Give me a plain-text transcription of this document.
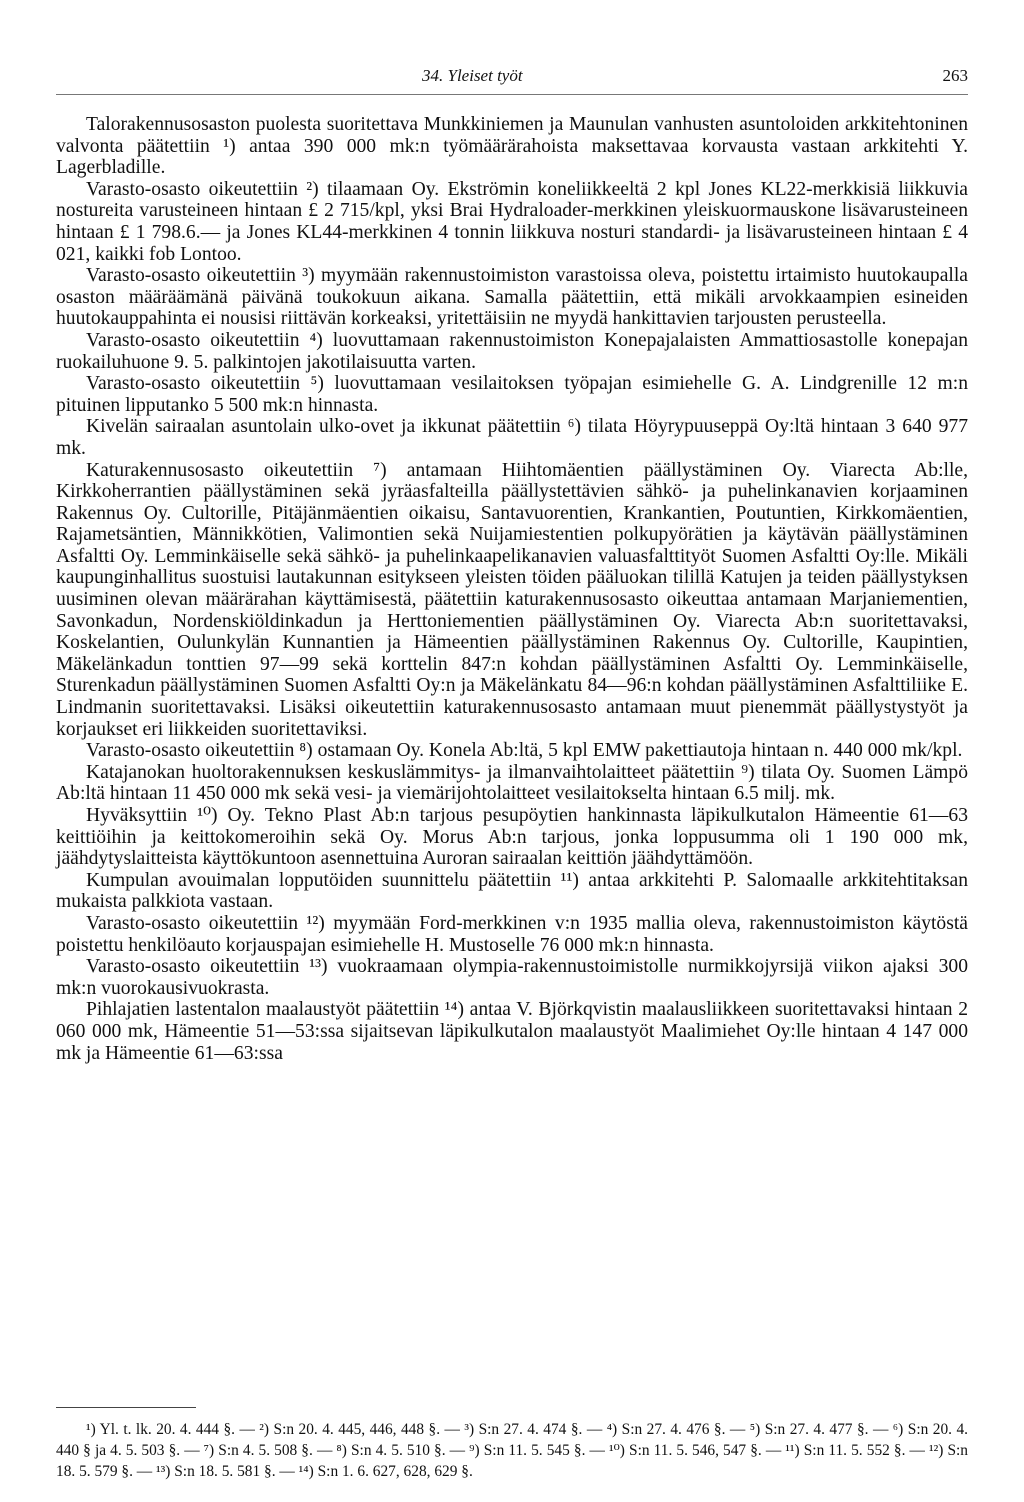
34. Yleiset työt	263

Talorakennusosaston puolesta suoritettava Munkkiniemen ja Maunulan vanhusten asuntoloiden arkkitehtoninen valvonta päätettiin ¹) antaa 390 000 mk:n työmäärärahoista maksettavaa korvausta vastaan arkkitehti Y. Lagerbladille.

Varasto-osasto oikeutettiin ²) tilaamaan Oy. Ekströmin koneliikkeeltä 2 kpl Jones KL22-merkkisiä liikkuvia nostureita varusteineen hintaan £ 2 715/kpl, yksi Brai Hydraloader-merkkinen yleiskuormauskone lisävarusteineen hintaan £ 1 798.6.— ja Jones KL44-merkkinen 4 tonnin liikkuva nosturi standardi- ja lisävarusteineen hintaan £ 4 021, kaikki fob Lontoo.

Varasto-osasto oikeutettiin ³) myymään rakennustoimiston varastoissa oleva, poistettu irtaimisto huutokaupalla osaston määräämänä päivänä toukokuun aikana. Samalla päätettiin, että mikäli arvokkaampien esineiden huutokauppahinta ei nousisi riittävän korkeaksi, yritettäisiin ne myydä hankittavien tarjousten perusteella.

Varasto-osasto oikeutettiin ⁴) luovuttamaan rakennustoimiston Konepajalaisten Ammattiosastolle konepajan ruokailuhuone 9. 5. palkintojen jakotilaisuutta varten.

Varasto-osasto oikeutettiin ⁵) luovuttamaan vesilaitoksen työpajan esimiehelle G. A. Lindgrenille 12 m:n pituinen lipputanko 5 500 mk:n hinnasta.

Kivelän sairaalan asuntolain ulko-ovet ja ikkunat päätettiin ⁶) tilata Höyrypuuseppä Oy:ltä hintaan 3 640 977 mk.

Katurakennusosasto oikeutettiin ⁷) antamaan Hiihtomäentien päällystäminen Oy. Viarecta Ab:lle, Kirkkoherrantien päällystäminen sekä jyräasfalteilla päällystettävien sähkö- ja puhelinkanavien korjaaminen Rakennus Oy. Cultorille, Pitäjänmäentien oikaisu, Santavuorentien, Krankantien, Poutuntien, Kirkkomäentien, Rajametsäntien, Männikkötien, Valimontien sekä Nuijamiestentien polkupyörätien ja käytävän päällystäminen Asfaltti Oy. Lemminkäiselle sekä sähkö- ja puhelinkaapelikanavien valuasfalttityöt Suomen Asfaltti Oy:lle. Mikäli kaupunginhallitus suostuisi lautakunnan esitykseen yleisten töiden pääluokan tilillä Katujen ja teiden päällystyksen uusiminen olevan määrärahan käyttämisestä, päätettiin katurakennusosasto oikeuttaa antamaan Marjaniementien, Savonkadun, Nordenskiöldinkadun ja Herttoniementien päällystäminen Oy. Viarecta Ab:n suoritettavaksi, Koskelantien, Oulunkylän Kunnantien ja Hämeentien päällystäminen Rakennus Oy. Cultorille, Kaupintien, Mäkelänkadun tonttien 97—99 sekä korttelin 847:n kohdan päällystäminen Asfaltti Oy. Lemminkäiselle, Sturenkadun päällystäminen Suomen Asfaltti Oy:n ja Mäkelänkatu 84—96:n kohdan päällystäminen Asfalttiliike E. Lindmanin suoritettavaksi. Lisäksi oikeutettiin katurakennusosasto antamaan muut pienemmät päällystystyöt ja korjaukset eri liikkeiden suoritettaviksi.

Varasto-osasto oikeutettiin ⁸) ostamaan Oy. Konela Ab:ltä, 5 kpl EMW pakettiautoja hintaan n. 440 000 mk/kpl.

Katajanokan huoltorakennuksen keskuslämmitys- ja ilmanvaihtolaitteet päätettiin ⁹) tilata Oy. Suomen Lämpö Ab:ltä hintaan 11 450 000 mk sekä vesi- ja viemärijohtolaitteet vesilaitokselta hintaan 6.5 milj. mk.

Hyväksyttiin ¹⁰) Oy. Tekno Plast Ab:n tarjous pesupöytien hankinnasta läpikulkutalon Hämeentie 61—63 keittiöihin ja keittokomeroihin sekä Oy. Morus Ab:n tarjous, jonka loppusumma oli 1 190 000 mk, jäähdytyslaitteista käyttökuntoon asennettuina Auroran sairaalan keittiön jäähdyttämöön.

Kumpulan avouimalan lopputöiden suunnittelu päätettiin ¹¹) antaa arkkitehti P. Salomaalle arkkitehtitaksan mukaista palkkiota vastaan.

Varasto-osasto oikeutettiin ¹²) myymään Ford-merkkinen v:n 1935 mallia oleva, rakennustoimiston käytöstä poistettu henkilöauto korjauspajan esimiehelle H. Mustoselle 76 000 mk:n hinnasta.

Varasto-osasto oikeutettiin ¹³) vuokraamaan olympia-rakennustoimistolle nurmikkojyrsijä viikon ajaksi 300 mk:n vuorokausivuokrasta.

Pihlajatien lastentalon maalaustyöt päätettiin ¹⁴) antaa V. Björkqvistin maalausliikkeen suoritettavaksi hintaan 2 060 000 mk, Hämeentie 51—53:ssa sijaitsevan läpikulkutalon maalaustyöt Maalimiehet Oy:lle hintaan 4 147 000 mk ja Hämeentie 61—63:ssa

¹) Yl. t. lk. 20. 4. 444 §. — ²) S:n 20. 4. 445, 446, 448 §. — ³) S:n 27. 4. 474 §. — ⁴) S:n 27. 4. 476 §. — ⁵) S:n 27. 4. 477 §. — ⁶) S:n 20. 4. 440 § ja 4. 5. 503 §. — ⁷) S:n 4. 5. 508 §. — ⁸) S:n 4. 5. 510 §. — ⁹) S:n 11. 5. 545 §. — ¹⁰) S:n 11. 5. 546, 547 §. — ¹¹) S:n 11. 5. 552 §. — ¹²) S:n 18. 5. 579 §. — ¹³) S:n 18. 5. 581 §. — ¹⁴) S:n 1. 6. 627, 628, 629 §.
